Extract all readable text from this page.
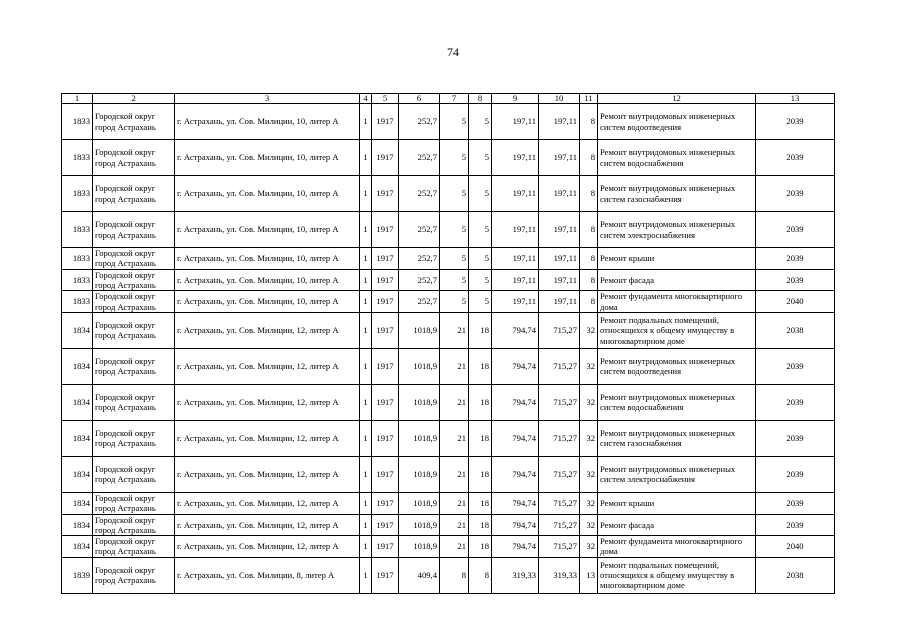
74
1	2	3	4	5	6	7	8	9	10	11	12	13
1833	Городской округ город Астрахань	г. Астрахань, ул. Сов. Милиции, 10, литер А	1	1917	252,7	5	5	197,11	197,11	8	Ремонт внутридомовых инженерных систем водоотведения	2039
1833	Городской округ город Астрахань	г. Астрахань, ул. Сов. Милиции, 10, литер А	1	1917	252,7	5	5	197,11	197,11	8	Ремонт внутридомовых инженерных систем водоснабжения	2039
1833	Городской округ город Астрахань	г. Астрахань, ул. Сов. Милиции, 10, литер А	1	1917	252,7	5	5	197,11	197,11	8	Ремонт внутридомовых инженерных систем газоснабжения	2039
1833	Городской округ город Астрахань	г. Астрахань, ул. Сов. Милиции, 10, литер А	1	1917	252,7	5	5	197,11	197,11	8	Ремонт внутридомовых инженерных систем электроснабжения	2039
1833	Городской округ город Астрахань	г. Астрахань, ул. Сов. Милиции, 10, литер А	1	1917	252,7	5	5	197,11	197,11	8	Ремонт крыши	2039
1833	Городской округ город Астрахань	г. Астрахань, ул. Сов. Милиции, 10, литер А	1	1917	252,7	5	5	197,11	197,11	8	Ремонт фасада	2039
1833	Городской округ город Астрахань	г. Астрахань, ул. Сов. Милиции, 10, литер А	1	1917	252,7	5	5	197,11	197,11	8	Ремонт фундамента многоквартирного дома	2040
1834	Городской округ город Астрахань	г. Астрахань, ул. Сов. Милиции, 12, литер А	1	1917	1018,9	21	18	794,74	715,27	32	Ремонт подвальных помещений, относящихся к общему имуществу в многоквартирном доме	2038
1834	Городской округ город Астрахань	г. Астрахань, ул. Сов. Милиции, 12, литер А	1	1917	1018,9	21	18	794,74	715,27	32	Ремонт внутридомовых инженерных систем водоотведения	2039
1834	Городской округ город Астрахань	г. Астрахань, ул. Сов. Милиции, 12, литер А	1	1917	1018,9	21	18	794,74	715,27	32	Ремонт внутридомовых инженерных систем водоснабжения	2039
1834	Городской округ город Астрахань	г. Астрахань, ул. Сов. Милиции, 12, литер А	1	1917	1018,9	21	18	794,74	715,27	32	Ремонт внутридомовых инженерных систем газоснабжения	2039
1834	Городской округ город Астрахань	г. Астрахань, ул. Сов. Милиции, 12, литер А	1	1917	1018,9	21	18	794,74	715,27	32	Ремонт внутридомовых инженерных систем электроснабжения	2039
1834	Городской округ город Астрахань	г. Астрахань, ул. Сов. Милиции, 12, литер А	1	1917	1018,9	21	18	794,74	715,27	32	Ремонт крыши	2039
1834	Городской округ город Астрахань	г. Астрахань, ул. Сов. Милиции, 12, литер А	1	1917	1018,9	21	18	794,74	715,27	32	Ремонт фасада	2039
1834	Городской округ город Астрахань	г. Астрахань, ул. Сов. Милиции, 12, литер А	1	1917	1018,9	21	18	794,74	715,27	32	Ремонт фундамента многоквартирного дома	2040
1839	Городской округ город Астрахань	г. Астрахань, ул. Сов. Милиции, 8, литер А	1	1917	409,4	8	8	319,33	319,33	13	Ремонт подвальных помещений, относящихся к общему имуществу в многоквартирном доме	2038
